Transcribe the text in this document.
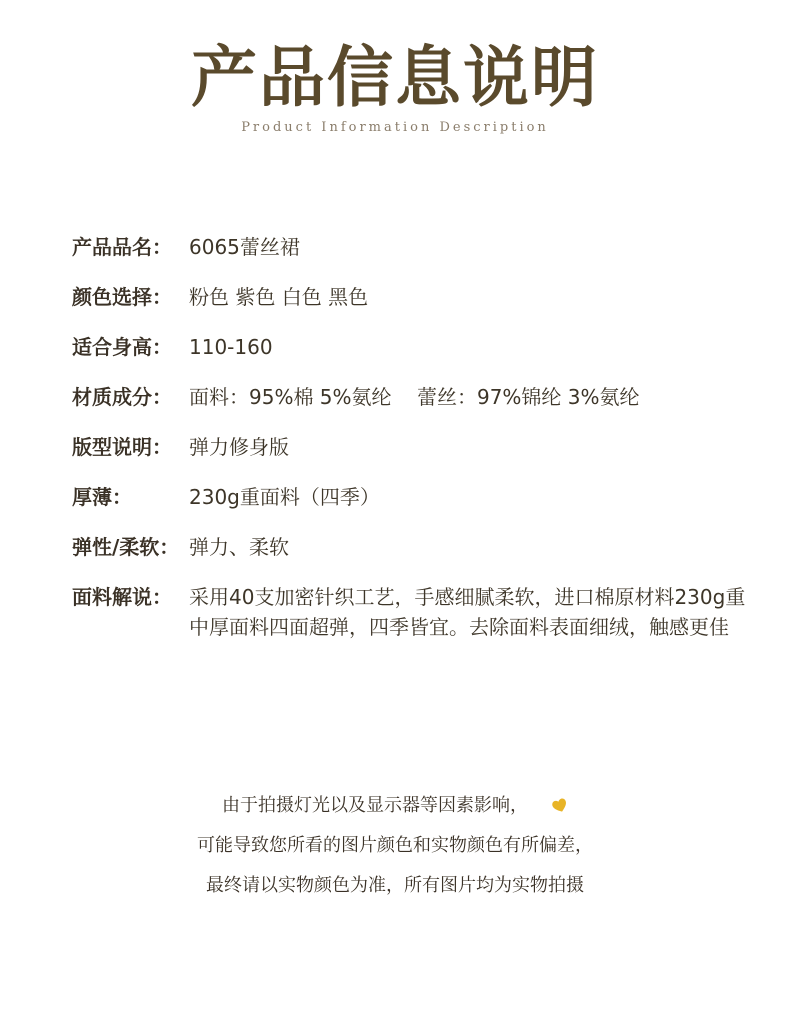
产品信息说明
Product Information Description
产品品名： 6065蕾丝裙
颜色选择： 粉色 紫色 白色 黑色
适合身高： 110-160
材质成分： 面料：95%棉 5%氨纶    蕾丝：97%锦纶 3%氨纶
版型说明： 弹力修身版
厚薄：	230g重面料（四季）
弹性/柔软： 弹力、柔软
面料解说： 采用40支加密针织工艺，手感细腻柔软，进口棉原材料230g重中厚面料四面超弹，四季皆宜。去除面料表面细绒，触感更佳
由于拍摄灯光以及显示器等因素影响，
可能导致您所看的图片颜色和实物颜色有所偏差，
最终请以实物颜色为准，所有图片均为实物拍摄
